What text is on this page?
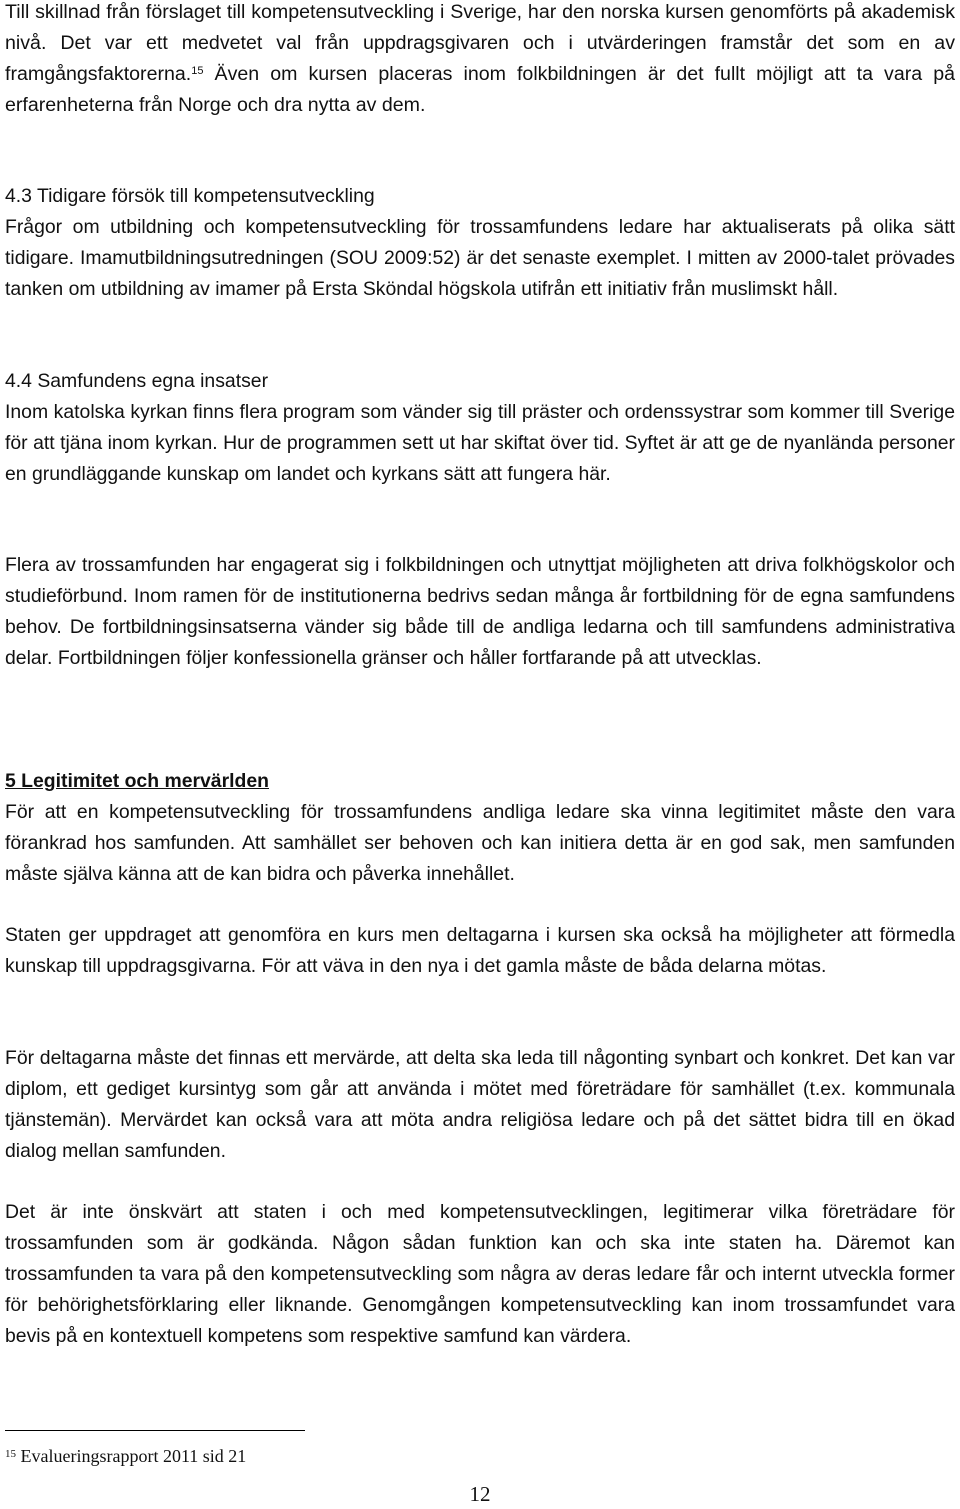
Till skillnad från förslaget till kompetensutveckling i Sverige, har den norska kursen genomförts på akademisk nivå. Det var ett medvetet val från uppdragsgivaren och i utvärderingen framstår det som en av framgångsfaktorerna.$^{15}$ Även om kursen placeras inom folkbildningen är det fullt möjligt att ta vara på erfarenheterna från Norge och dra nytta av dem.

4.3 Tidigare försök till kompetensutveckling
Frågor om utbildning och kompetensutveckling för trossamfundens ledare har aktualiserats på olika sätt tidigare. Imamutbildningsutredningen (SOU 2009:52) är det senaste exemplet. I mitten av 2000-talet prövades tanken om utbildning av imamer på Ersta Sköndal högskola utifrån ett initiativ från muslimskt håll.
4.4 Samfundens egna insatser
Inom katolska kyrkan finns flera program som vänder sig till präster och ordenssystrar som kommer till Sverige för att tjäna inom kyrkan. Hur de programmen sett ut har skiftat över tid. Syftet är att ge de nyanlända personer en grundläggande kunskap om landet och kyrkans sätt att fungera här.

Flera av trossamfunden har engagerat sig i folkbildningen och utnyttjat möjligheten att driva folkhögskolor och studieförbund. Inom ramen för de institutionerna bedrivs sedan många år fortbildning för de egna samfundens behov. De fortbildningsinsatserna vänder sig både till de andliga ledarna och till samfundens administrativa delar. Fortbildningen följer konfessionella gränser och håller fortfarande på att utvecklas.

5 Legitimitet och mervärlden
För att en kompetensutveckling för trossamfundens andliga ledare ska vinna legitimitet måste den vara förankrad hos samfunden. Att samhället ser behoven och kan initiera detta är en god sak, men samfunden måste själva känna att de kan bidra och påverka innehållet.

Staten ger uppdraget att genomföra en kurs men deltagarna i kursen ska också ha möjligheter att förmedla kunskap till uppdragsgivarna. För att väva in den nya i det gamla måste de båda delarna mötas.

För deltagarna måste det finnas ett mervärde, att delta ska leda till någonting synbart och konkret. Det kan var diplom, ett gediget kursintyg som går att använda i mötet med företrädare för samhället (t.ex. kommunala tjänstemän). Mervärdet kan också vara att möta andra religiösa ledare och på det sättet bidra till en ökad dialog mellan samfunden.

Det är inte önskvärt att staten i och med kompetensutvecklingen, legitimerar vilka företrädare för trossamfunden som är godkända. Någon sådan funktion kan och ska inte staten ha. Däremot kan trossamfunden ta vara på den kompetensutveckling som några av deras ledare får och internt utveckla former för behörighetsförklaring eller liknande. Genomgången kompetensutveckling kan inom trossamfundet vara bevis på en kontextuell kompetens som respektive samfund kan värdera.

$^{15}$ Evalueringsrapport 2011 sid 21
12
